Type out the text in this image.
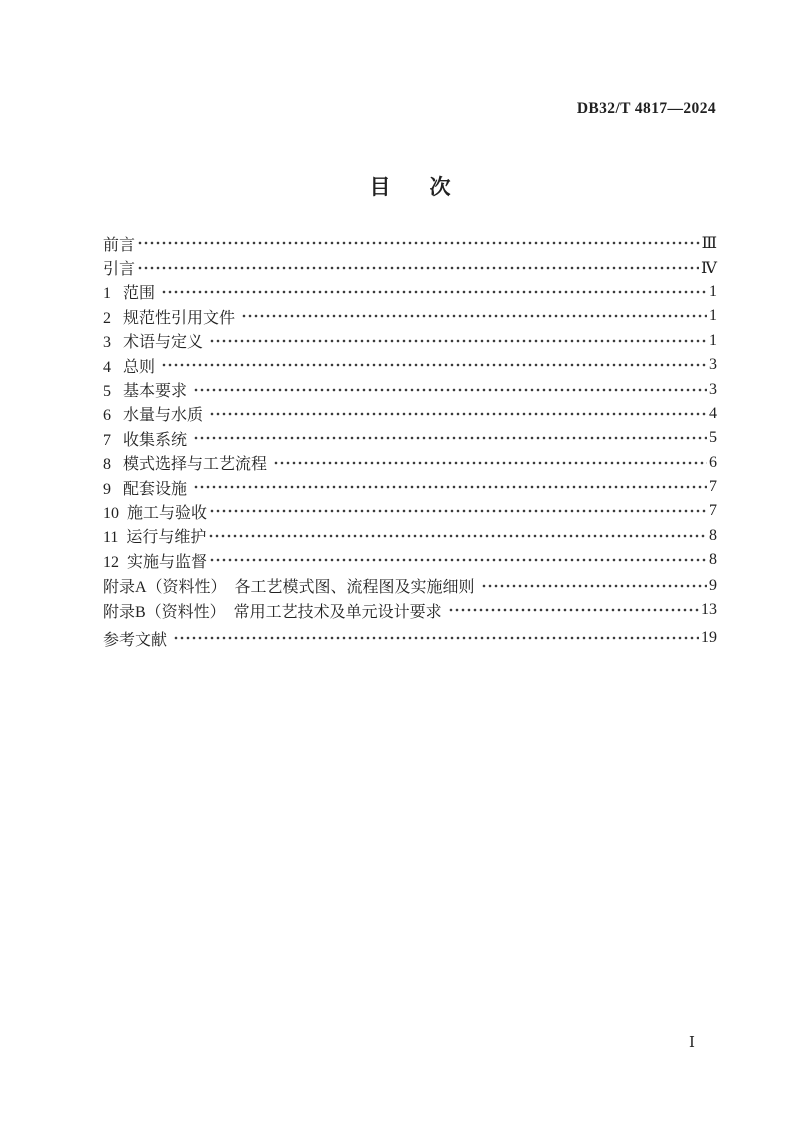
DB32/T 4817—2024
目　次
前言	Ⅲ
引言	Ⅳ
1   范围	1
2   规范性引用文件	1
3   术语与定义	1
4   总则	3
5   基本要求	3
6   水量与水质	4
7   收集系统	5
8   模式选择与工艺流程	6
9   配套设施	7
10  施工与验收	7
11  运行与维护	8
12  实施与监督	8
附录A（资料性）　各工艺模式图、流程图及实施细则	9
附录B（资料性）　常用工艺技术及单元设计要求	13
参考文献	19
Ⅰ
